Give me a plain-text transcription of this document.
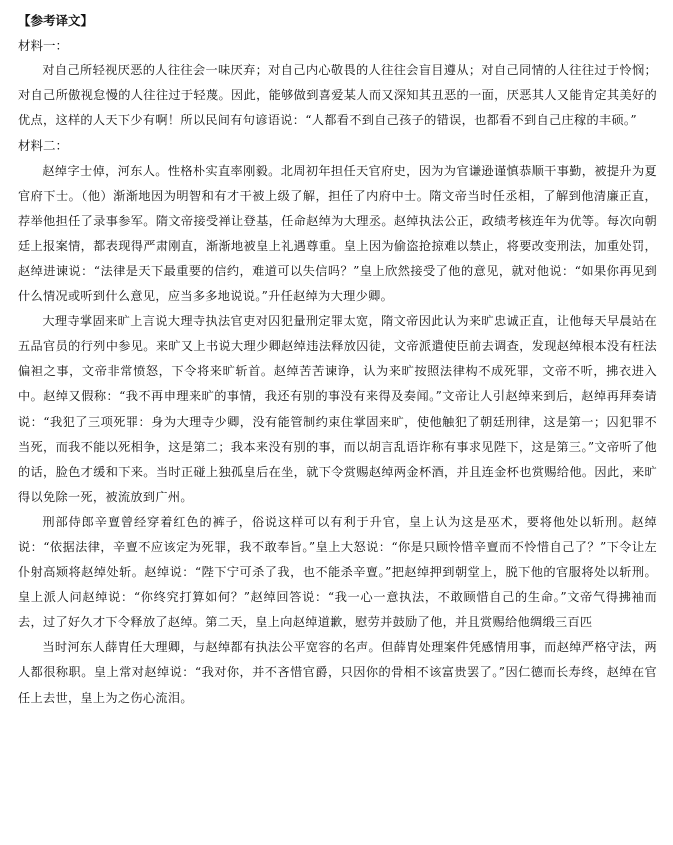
【参考译文】
材料一：

对自己所轻视厌恶的人往往会一味厌弃；对自己内心敬畏的人往往会盲目遵从；对自己同情的人往往过于怜悯；对自己所傲视怠慢的人往往过于轻蔑。因此，能够做到喜爱某人而又深知其丑恶的一面，厌恶其人又能肯定其美好的优点，这样的人天下少有啊！所以民间有句谚语说：“人都看不到自己孩子的错误，也都看不到自己庄稼的丰硕。”

材料二：

赵绰字士倬，河东人。性格朴实直率刚毅。北周初年担任天官府史，因为为官谦逊谨慎恭顺干事勤，被提升为夏官府下士。（他）渐渐地因为明智和有才干被上级了解，担任了内府中士。隋文帝当时任丞相，了解到他清廉正直，荐举他担任了录事参军。隋文帝接受禅让登基，任命赵绰为大理丞。赵绰执法公正，政绩考核连年为优等。每次向朝廷上报案情，都表现得严肃刚直，渐渐地被皇上礼遇尊重。皇上因为偷盗抢掠难以禁止，将要改变刑法，加重处罚，赵绰进谏说：“法律是天下最重要的信约，难道可以失信吗？”皇上欣然接受了他的意见，就对他说：“如果你再见到什么情况或听到什么意见，应当多多地说说。”升任赵绰为大理少卿。

大理寺掌固来旷上言说大理寺执法官吏对囚犯量刑定罪太宽，隋文帝因此认为来旷忠诚正直，让他每天早晨站在五品官员的行列中参见。来旷又上书说大理少卿赵绰违法释放囚徒，文帝派遣使臣前去调查，发现赵绰根本没有枉法偏袒之事，文帝非常愤怒，下令将来旷斩首。赵绰苦苦谏诤，认为来旷按照法律构不成死罪，文帝不听，拂衣进入中。赵绰又假称：“我不再申理来旷的事情，我还有别的事没有来得及奏闻。”文帝让人引赵绰来到后，赵绰再拜奏请说：“我犯了三项死罪：身为大理寺少卿，没有能管制约束住掌固来旷，使他触犯了朝廷刑律，这是第一；囚犯罪不当死，而我不能以死相争，这是第二；我本来没有别的事，而以胡言乱语诈称有事求见陛下，这是第三。”文帝听了他的话，脸色才缓和下来。当时正碰上独孤皇后在坐，就下令赏赐赵绰两金杯酒，并且连金杯也赏赐给他。因此，来旷得以免除一死，被流放到广州。

刑部侍郎辛亶曾经穿着红色的裤子，俗说这样可以有利于升官，皇上认为这是巫术，要将他处以斩刑。赵绰说：“依据法律，辛亶不应该定为死罪，我不敢奉旨。”皇上大怒说：“你是只顾怜惜辛亶而不怜惜自己了？”下令让左仆射高颎将赵绰处斩。赵绰说：“陛下宁可杀了我，也不能杀辛亶。”把赵绰押到朝堂上，脱下他的官服将处以斩刑。皇上派人问赵绰说：“你终究打算如何？”赵绰回答说：“我一心一意执法，不敢顾惜自己的生命。”文帝气得拂袖而去，过了好久才下令释放了赵绰。第二天，皇上向赵绰道歉，慰劳并鼓励了他，并且赏赐给他绸缎三百匹

当时河东人薛胄任大理卿，与赵绰都有执法公平宽容的名声。但薛胄处理案件凭感情用事，而赵绰严格守法，两人都很称职。皇上常对赵绰说：“我对你，并不吝惜官爵，只因你的骨相不该富贵罢了。”因仁德而长寿终，赵绰在官任上去世，皇上为之伤心流泪。
